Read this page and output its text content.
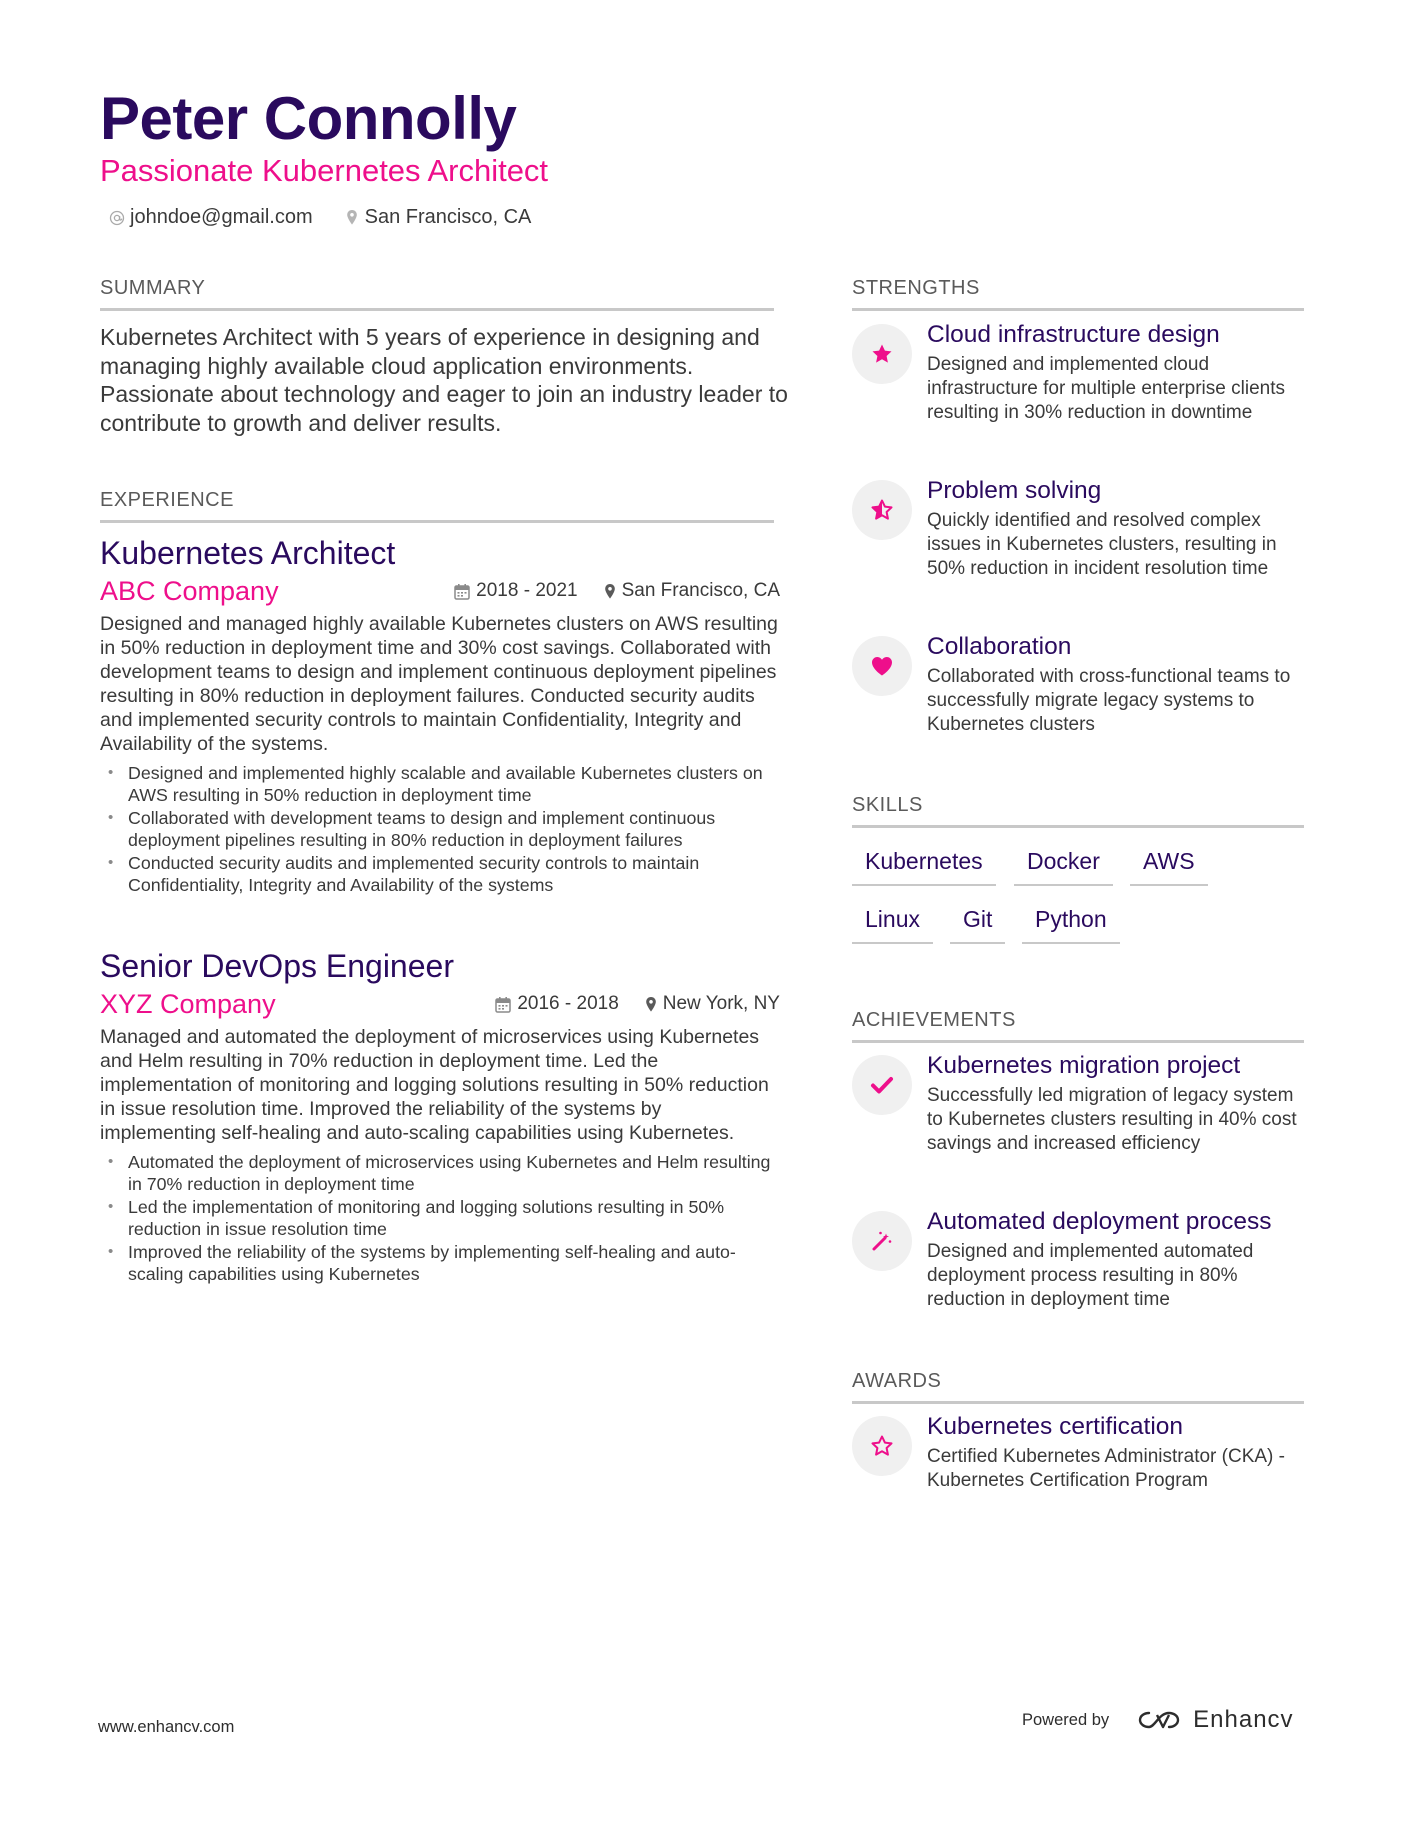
Peter Connolly
Passionate Kubernetes Architect
johndoe@gmail.com	San Francisco, CA
SUMMARY
Kubernetes Architect with 5 years of experience in designing and managing highly available cloud application environments. Passionate about technology and eager to join an industry leader to contribute to growth and deliver results.
EXPERIENCE
Kubernetes Architect
ABC Company	2018 - 2021 San Francisco, CA
Designed and managed highly available Kubernetes clusters on AWS resulting in 50% reduction in deployment time and 30% cost savings. Collaborated with development teams to design and implement continuous deployment pipelines resulting in 80% reduction in deployment failures. Conducted security audits and implemented security controls to maintain Confidentiality, Integrity and Availability of the systems.
• Designed and implemented highly scalable and available Kubernetes clusters on AWS resulting in 50% reduction in deployment time
• Collaborated with development teams to design and implement continuous deployment pipelines resulting in 80% reduction in deployment failures
• Conducted security audits and implemented security controls to maintain Confidentiality, Integrity and Availability of the systems
Senior DevOps Engineer
XYZ Company	2016 - 2018 New York, NY
Managed and automated the deployment of microservices using Kubernetes and Helm resulting in 70% reduction in deployment time. Led the implementation of monitoring and logging solutions resulting in 50% reduction in issue resolution time. Improved the reliability of the systems by implementing self-healing and auto-scaling capabilities using Kubernetes.
• Automated the deployment of microservices using Kubernetes and Helm resulting in 70% reduction in deployment time
• Led the implementation of monitoring and logging solutions resulting in 50% reduction in issue resolution time
• Improved the reliability of the systems by implementing self-healing and auto-scaling capabilities using Kubernetes
STRENGTHS
Cloud infrastructure design
Designed and implemented cloud infrastructure for multiple enterprise clients resulting in 30% reduction in downtime
Problem solving
Quickly identified and resolved complex issues in Kubernetes clusters, resulting in 50% reduction in incident resolution time
Collaboration
Collaborated with cross-functional teams to successfully migrate legacy systems to Kubernetes clusters
SKILLS
Kubernetes	Docker	AWS
Linux	Git	Python
ACHIEVEMENTS
Kubernetes migration project
Successfully led migration of legacy system to Kubernetes clusters resulting in 40% cost savings and increased efficiency
Automated deployment process
Designed and implemented automated deployment process resulting in 80% reduction in deployment time
AWARDS
Kubernetes certification
Certified Kubernetes Administrator (CKA) - Kubernetes Certification Program
www.enhancv.com	Powered by	Enhancv
